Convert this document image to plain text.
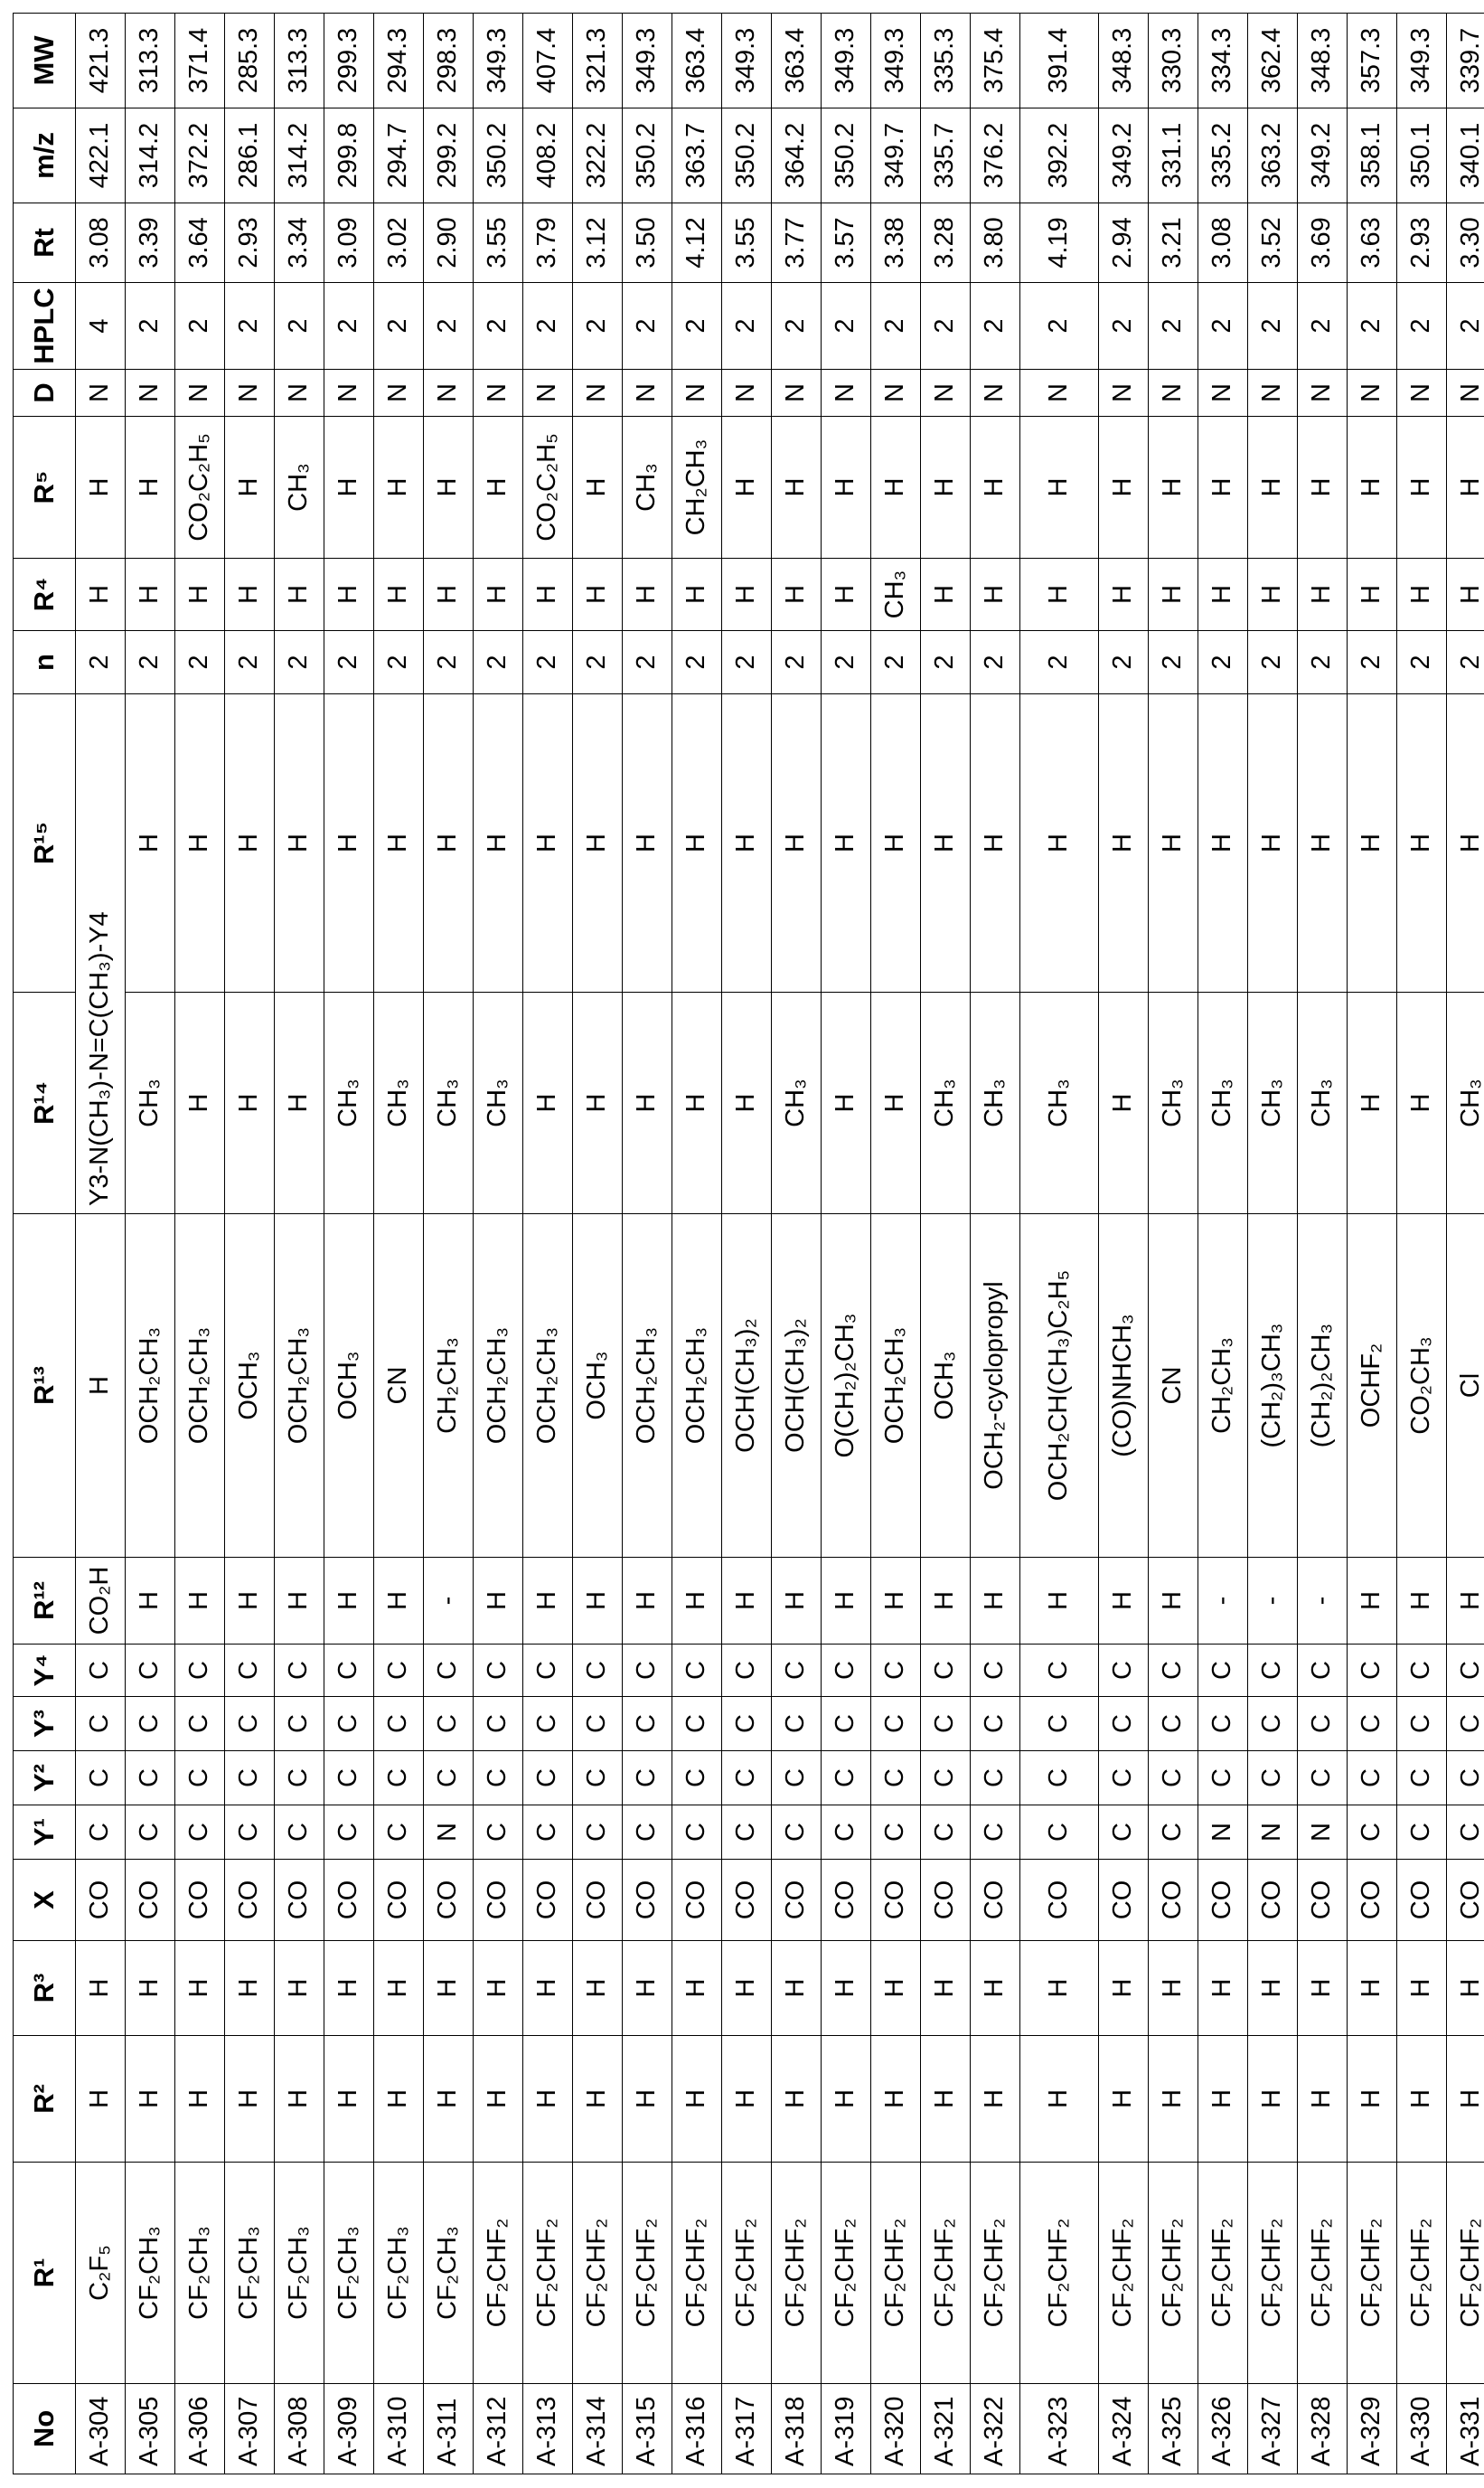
No	R¹	R²	R³	X	Y¹	Y²	Y³	Y⁴	R¹²	R¹³	R¹⁴	R¹⁵	n	R⁴	R⁵	D	HPLC	Rt	m/z	MW
A-304	C₂F₅	H	H	CO	C	C	C	C	CO₂H	H	Y3-N(CH₃)-N=C(CH₃)-Y4	2	H	H	N	4	3.08	422.1	421.3
A-305	CF₂CH₃	H	H	CO	C	C	C	C	H	OCH₂CH₃	CH₃	H	2	H	H	N	2	3.39	314.2	313.3
A-306	CF₂CH₃	H	H	CO	C	C	C	C	H	OCH₂CH₃	H	H	2	H	CO₂C₂H₅	N	2	3.64	372.2	371.4
A-307	CF₂CH₃	H	H	CO	C	C	C	C	H	OCH₃	H	H	2	H	H	N	2	2.93	286.1	285.3
A-308	CF₂CH₃	H	H	CO	C	C	C	C	H	OCH₂CH₃	H	H	2	H	CH₃	N	2	3.34	314.2	313.3
A-309	CF₂CH₃	H	H	CO	C	C	C	C	H	OCH₃	CH₃	H	2	H	H	N	2	3.09	299.8	299.3
A-310	CF₂CH₃	H	H	CO	C	C	C	C	H	CN	CH₃	H	2	H	H	N	2	3.02	294.7	294.3
A-311	CF₂CH₃	H	H	CO	N	C	C	C	-	CH₂CH₃	CH₃	H	2	H	H	N	2	2.90	299.2	298.3
A-312	CF₂CHF₂	H	H	CO	C	C	C	C	H	OCH₂CH₃	CH₃	H	2	H	H	N	2	3.55	350.2	349.3
A-313	CF₂CHF₂	H	H	CO	C	C	C	C	H	OCH₂CH₃	H	H	2	H	CO₂C₂H₅	N	2	3.79	408.2	407.4
A-314	CF₂CHF₂	H	H	CO	C	C	C	C	H	OCH₃	H	H	2	H	H	N	2	3.12	322.2	321.3
A-315	CF₂CHF₂	H	H	CO	C	C	C	C	H	OCH₂CH₃	H	H	2	H	CH₃	N	2	3.50	350.2	349.3
A-316	CF₂CHF₂	H	H	CO	C	C	C	C	H	OCH₂CH₃	H	H	2	H	CH₂CH₃	N	2	4.12	363.7	363.4
A-317	CF₂CHF₂	H	H	CO	C	C	C	C	H	OCH(CH₃)₂	H	H	2	H	H	N	2	3.55	350.2	349.3
A-318	CF₂CHF₂	H	H	CO	C	C	C	C	H	OCH(CH₃)₂	CH₃	H	2	H	H	N	2	3.77	364.2	363.4
A-319	CF₂CHF₂	H	H	CO	C	C	C	C	H	O(CH₂)₂CH₃	H	H	2	H	H	N	2	3.57	350.2	349.3
A-320	CF₂CHF₂	H	H	CO	C	C	C	C	H	OCH₂CH₃	H	H	2	CH₃	H	N	2	3.38	349.7	349.3
A-321	CF₂CHF₂	H	H	CO	C	C	C	C	H	OCH₃	CH₃	H	2	H	H	N	2	3.28	335.7	335.3
A-322	CF₂CHF₂	H	H	CO	C	C	C	C	H	OCH₂-cyclopropyl	CH₃	H	2	H	H	N	2	3.80	376.2	375.4
A-323	CF₂CHF₂	H	H	CO	C	C	C	C	H	OCH₂CH(CH₃)C₂H₅	CH₃	H	2	H	H	N	2	4.19	392.2	391.4
A-324	CF₂CHF₂	H	H	CO	C	C	C	C	H	(CO)NHCH₃	H	H	2	H	H	N	2	2.94	349.2	348.3
A-325	CF₂CHF₂	H	H	CO	C	C	C	C	H	CN	CH₃	H	2	H	H	N	2	3.21	331.1	330.3
A-326	CF₂CHF₂	H	H	CO	N	C	C	C	-	CH₂CH₃	CH₃	H	2	H	H	N	2	3.08	335.2	334.3
A-327	CF₂CHF₂	H	H	CO	N	C	C	C	-	(CH₂)₃CH₃	CH₃	H	2	H	H	N	2	3.52	363.2	362.4
A-328	CF₂CHF₂	H	H	CO	N	C	C	C	-	(CH₂)₂CH₃	CH₃	H	2	H	H	N	2	3.69	349.2	348.3
A-329	CF₂CHF₂	H	H	CO	C	C	C	C	H	OCHF₂	H	H	2	H	H	N	2	3.63	358.1	357.3
A-330	CF₂CHF₂	H	H	CO	C	C	C	C	H	CO₂CH₃	H	H	2	H	H	N	2	2.93	350.1	349.3
A-331	CF₂CHF₂	H	H	CO	C	C	C	C	H	Cl	CH₃	H	2	H	H	N	2	3.30	340.1	339.7
